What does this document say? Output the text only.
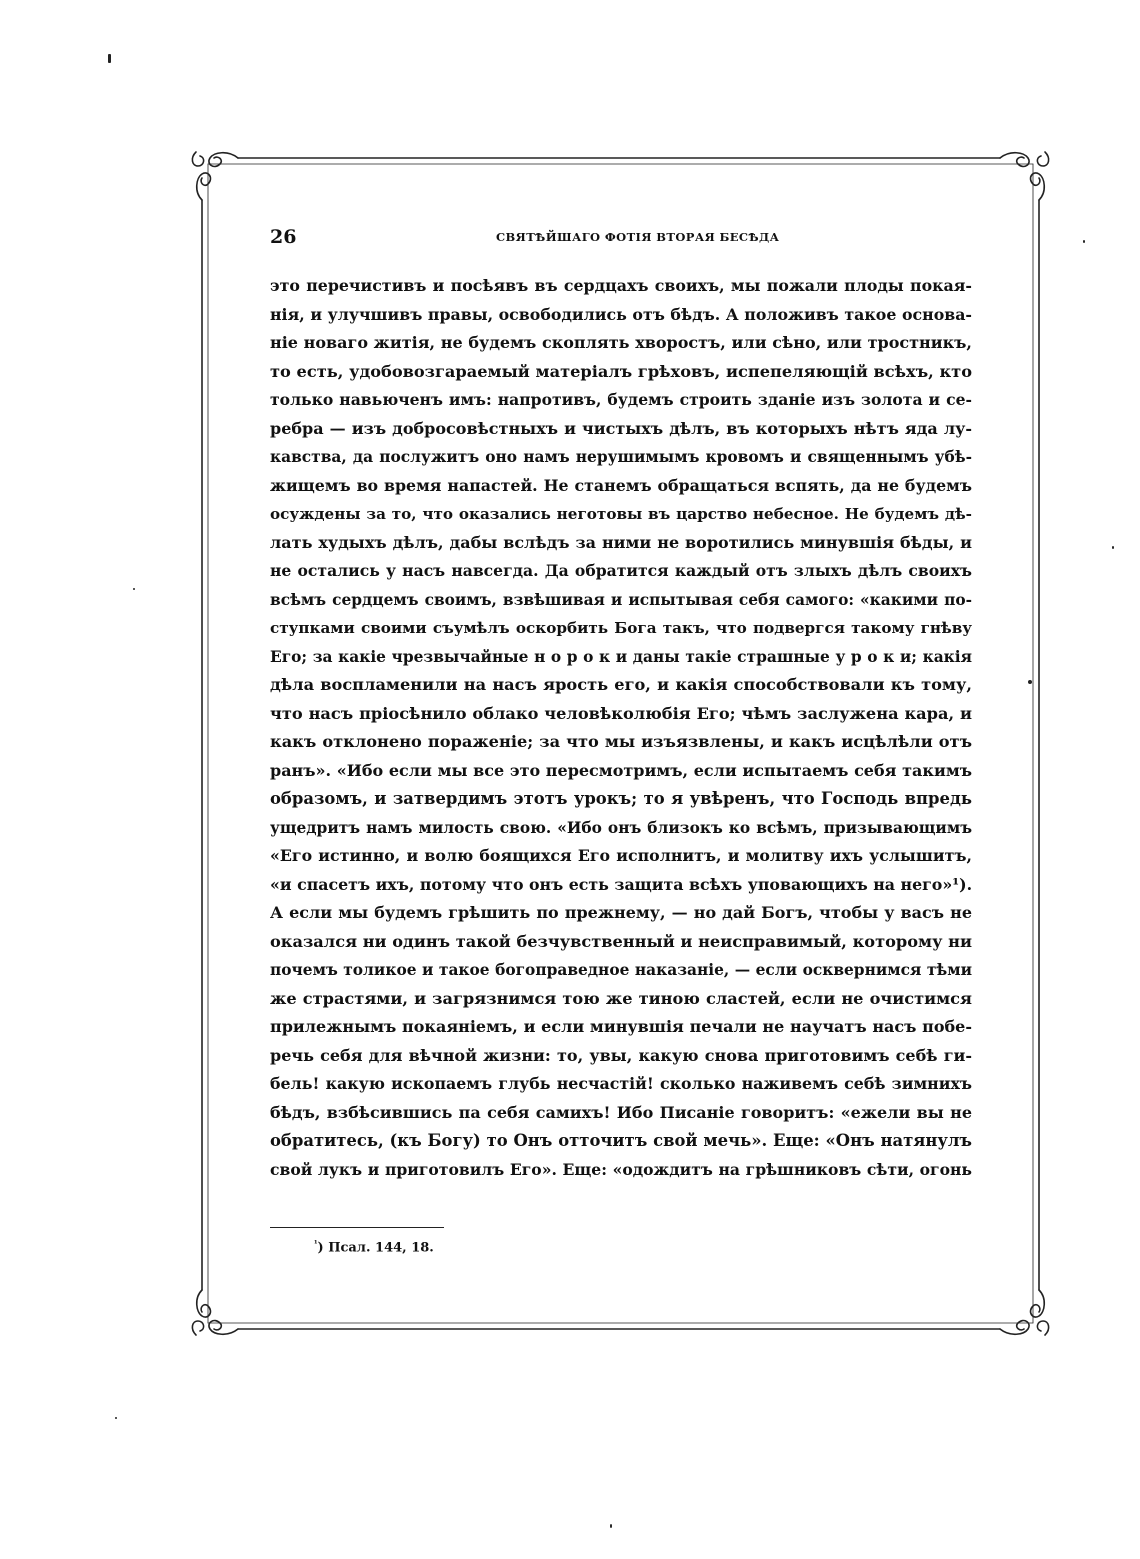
26	СВЯТѢЙШАГО ФОТІЯ ВТОРАЯ БЕСѢДА
это перечистивъ и посѣявъ въ сердцахъ своихъ, мы пожали плоды покая-
нія, и улучшивъ правы, освободились отъ бѣдъ. А положивъ такое основа-
ніе новаго житія, не будемъ скоплять хворостъ, или сѣно, или тростникъ,
то есть, удобовозгараемый матеріалъ грѣховъ, испепеляющій всѣхъ, кто
только навьюченъ имъ: напротивъ, будемъ строить зданіе изъ золота и се-
ребра — изъ добросовѣстныхъ и чистыхъ дѣлъ, въ которыхъ нѣтъ яда лу-
кавства, да послужитъ оно намъ нерушимымъ кровомъ и священнымъ убѣ-
жищемъ во время напастей. Не станемъ обращаться вспять, да не будемъ
осуждены за то, что оказались неготовы въ царство небесное. Не будемъ дѣ-
лать худыхъ дѣлъ, дабы вслѣдъ за ними не воротились минувшія бѣды, и
не остались у насъ навсегда. Да обратится каждый отъ злыхъ дѣлъ своихъ
всѣмъ сердцемъ своимъ, взвѣшивая и испытывая себя самого: «какими по-
ступками своими съумѣлъ оскорбить Бога такъ, что подвергся такому гнѣву
Его; за какіе чрезвычайные н о р о к и даны такіе страшные у р о к и; какія
дѣла воспламенили на насъ ярость его, и какія способствовали къ тому,
что насъ пріосѣнило облако человѣколюбія Его; чѣмъ заслужена кара, и
какъ отклонено пораженіе; за что мы изъязвлены, и какъ исцѣлѣли отъ
ранъ». «Ибо если мы все это пересмотримъ, если испытаемъ себя такимъ
образомъ, и затвердимъ этотъ урокъ; то я увѣренъ, что Господь впредь
ущедритъ намъ милость свою. «Ибо онъ близокъ ко всѣмъ, призывающимъ
«Его истинно, и волю боящихся Его исполнитъ, и молитву ихъ услышитъ,
«и спасетъ ихъ, потому что онъ есть защита всѣхъ уповающихъ на него»¹).
А если мы будемъ грѣшить по прежнему, — но дай Богъ, чтобы у васъ не
оказался ни одинъ такой безчувственный и неисправимый, которому ни
почемъ толикое и такое богоправедное наказаніе, — если осквернимся тѣми
же страстями, и загрязнимся тою же тиною сластей, если не очистимся
прилежнымъ покаяніемъ, и если минувшія печали не научатъ насъ побе-
речь себя для вѣчной жизни: то, увы, какую снова приготовимъ себѣ ги-
бель! какую ископаемъ глубь несчастій! сколько наживемъ себѣ зимнихъ
бѣдъ, взбѣсившись па себя самихъ! Ибо Писаніе говоритъ: «ежели вы не
обратитесь, (къ Богу) то Онъ отточитъ свой мечь». Еще: «Онъ натянулъ
свой лукъ и приготовилъ Его». Еще: «одождитъ на грѣшниковъ сѣти, огонь
$^{^1}$) Псал. 144, 18.
